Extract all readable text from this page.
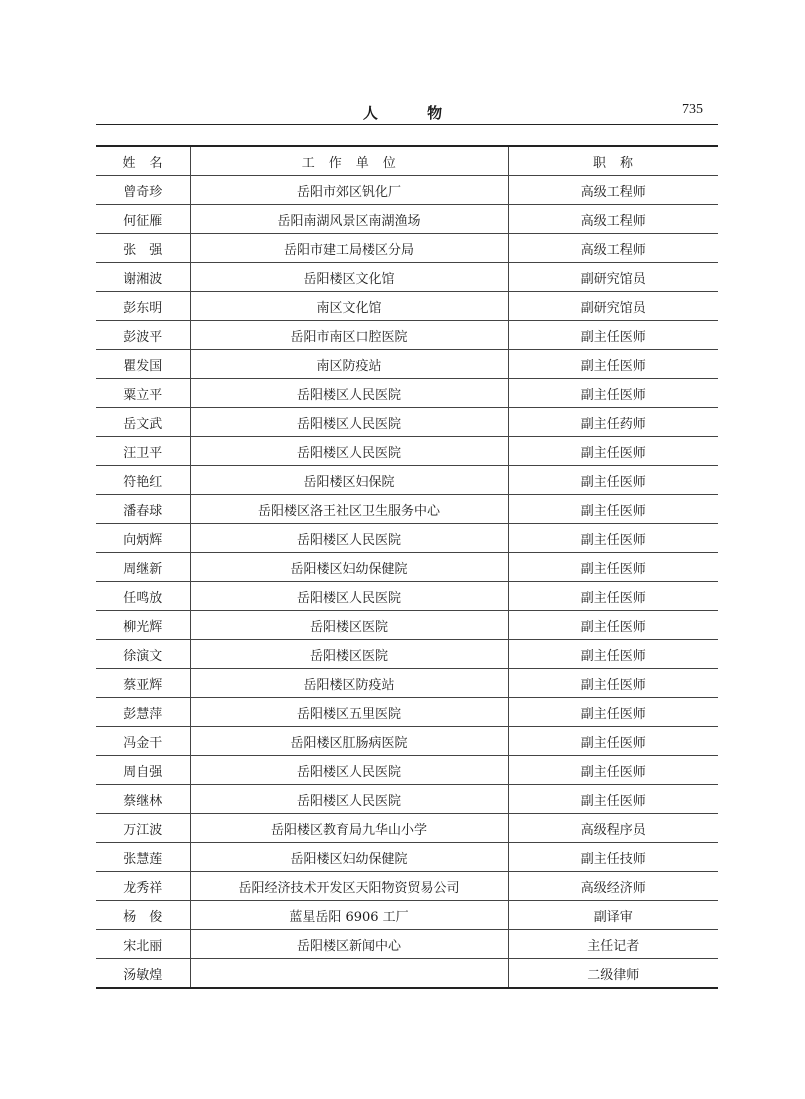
人 物	735
姓　名	工　作　单　位	职　称
曾奇珍	岳阳市郊区钒化厂	高级工程师
何征雁	岳阳南湖风景区南湖渔场	高级工程师
张　强	岳阳市建工局楼区分局	高级工程师
谢湘波	岳阳楼区文化馆	副研究馆员
彭东明	南区文化馆	副研究馆员
彭波平	岳阳市南区口腔医院	副主任医师
瞿发国	南区防疫站	副主任医师
粟立平	岳阳楼区人民医院	副主任医师
岳文武	岳阳楼区人民医院	副主任药师
汪卫平	岳阳楼区人民医院	副主任医师
符艳红	岳阳楼区妇保院	副主任医师
潘春球	岳阳楼区洛王社区卫生服务中心	副主任医师
向炳辉	岳阳楼区人民医院	副主任医师
周继新	岳阳楼区妇幼保健院	副主任医师
任鸣放	岳阳楼区人民医院	副主任医师
柳光辉	岳阳楼区医院	副主任医师
徐演文	岳阳楼区医院	副主任医师
蔡亚辉	岳阳楼区防疫站	副主任医师
彭慧萍	岳阳楼区五里医院	副主任医师
冯金干	岳阳楼区肛肠病医院	副主任医师
周自强	岳阳楼区人民医院	副主任医师
蔡继林	岳阳楼区人民医院	副主任医师
万江波	岳阳楼区教育局九华山小学	高级程序员
张慧莲	岳阳楼区妇幼保健院	副主任技师
龙秀祥	岳阳经济技术开发区天阳物资贸易公司	高级经济师
杨　俊	蓝星岳阳 6906 工厂	副译审
宋北丽	岳阳楼区新闻中心	主任记者
汤敏煌		二级律师
